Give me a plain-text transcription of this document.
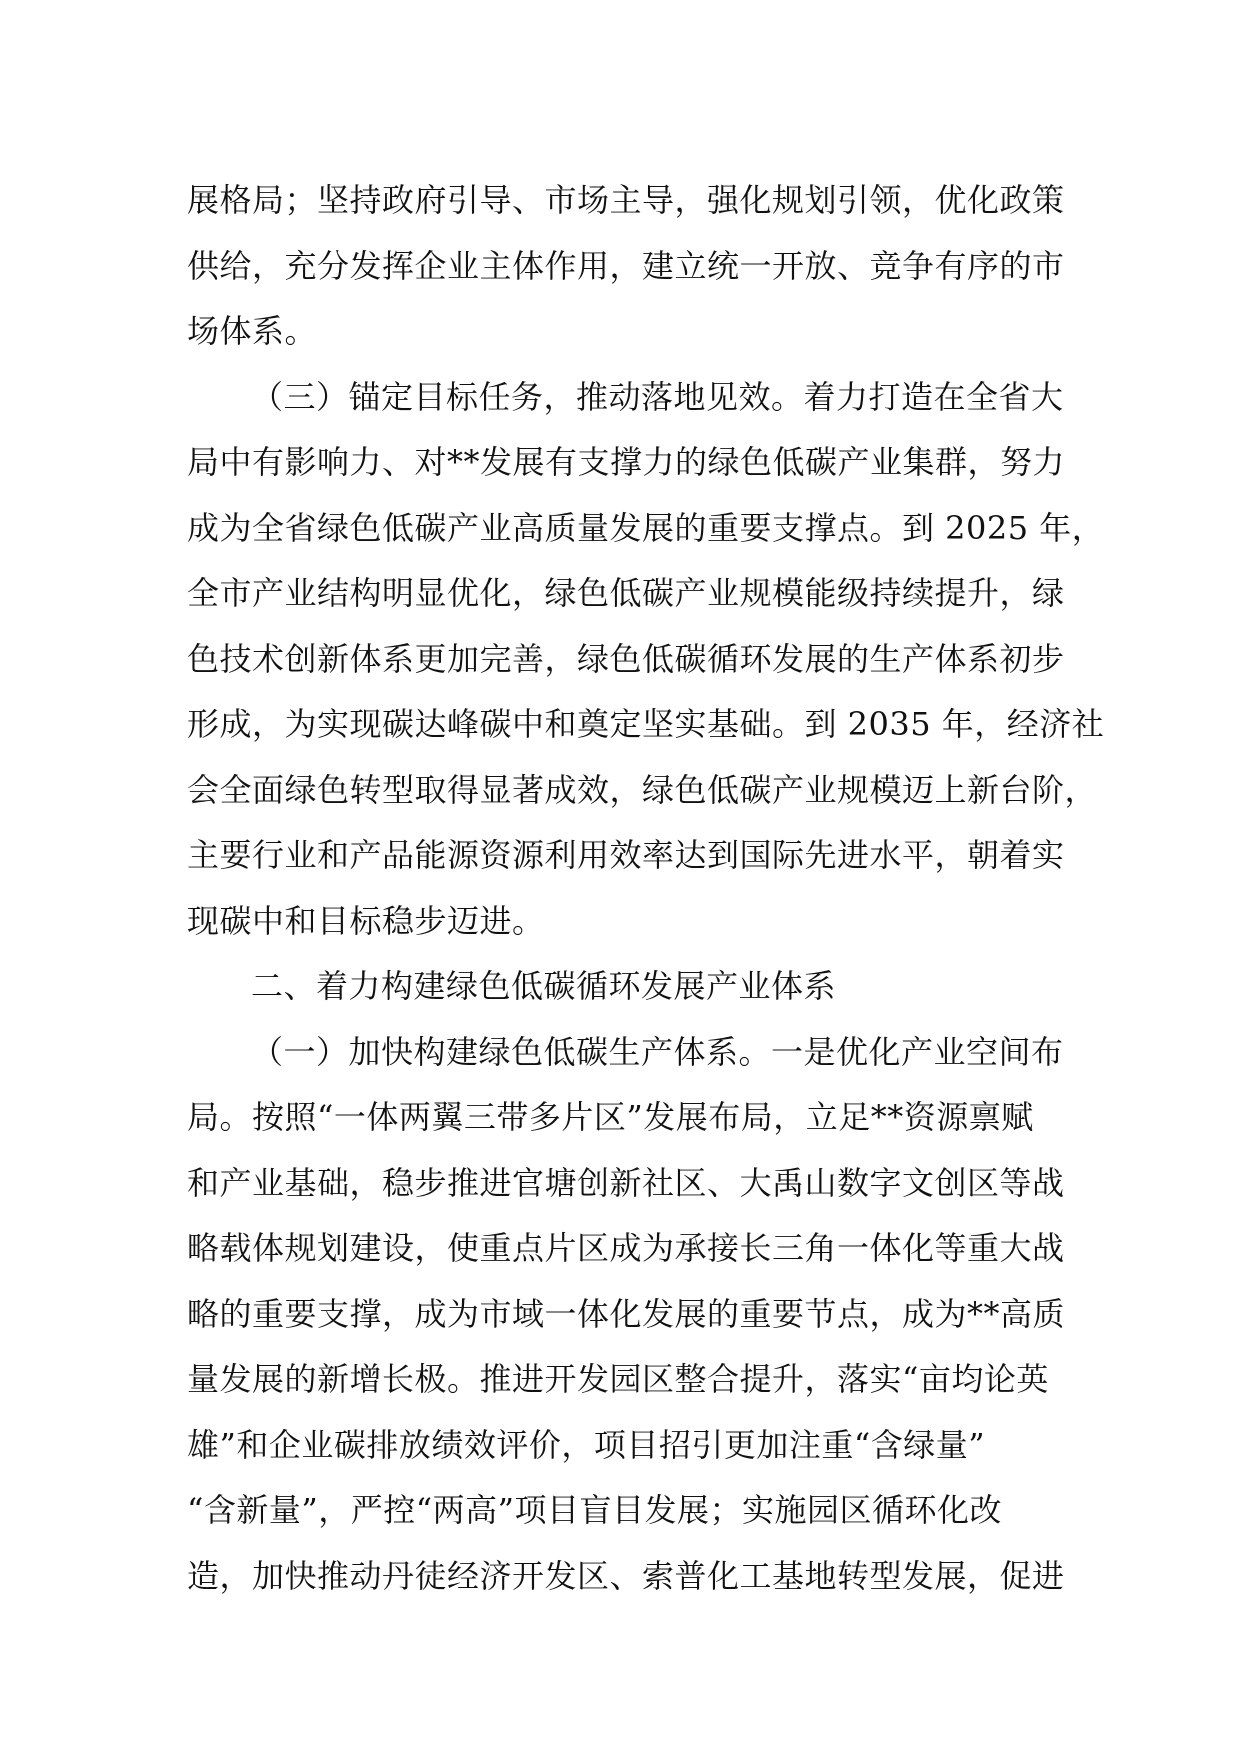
展格局；坚持政府引导、市场主导，强化规划引领，优化政策
供给，充分发挥企业主体作用，建立统一开放、竞争有序的市
场体系。
（三）锚定目标任务，推动落地见效。着力打造在全省大
局中有影响力、对**发展有支撑力的绿色低碳产业集群，努力
成为全省绿色低碳产业高质量发展的重要支撑点。到 2025 年，
全市产业结构明显优化，绿色低碳产业规模能级持续提升，绿
色技术创新体系更加完善，绿色低碳循环发展的生产体系初步
形成，为实现碳达峰碳中和奠定坚实基础。到 2035 年，经济社
会全面绿色转型取得显著成效，绿色低碳产业规模迈上新台阶，
主要行业和产品能源资源利用效率达到国际先进水平，朝着实
现碳中和目标稳步迈进。
二、着力构建绿色低碳循环发展产业体系
（一）加快构建绿色低碳生产体系。一是优化产业空间布
局。按照“一体两翼三带多片区”发展布局，立足**资源禀赋
和产业基础，稳步推进官塘创新社区、大禹山数字文创区等战
略载体规划建设，使重点片区成为承接长三角一体化等重大战
略的重要支撑，成为市域一体化发展的重要节点，成为**高质
量发展的新增长极。推进开发园区整合提升，落实“亩均论英
雄”和企业碳排放绩效评价，项目招引更加注重“含绿量”
“含新量”，严控“两高”项目盲目发展；实施园区循环化改
造，加快推动丹徒经济开发区、索普化工基地转型发展，促进
